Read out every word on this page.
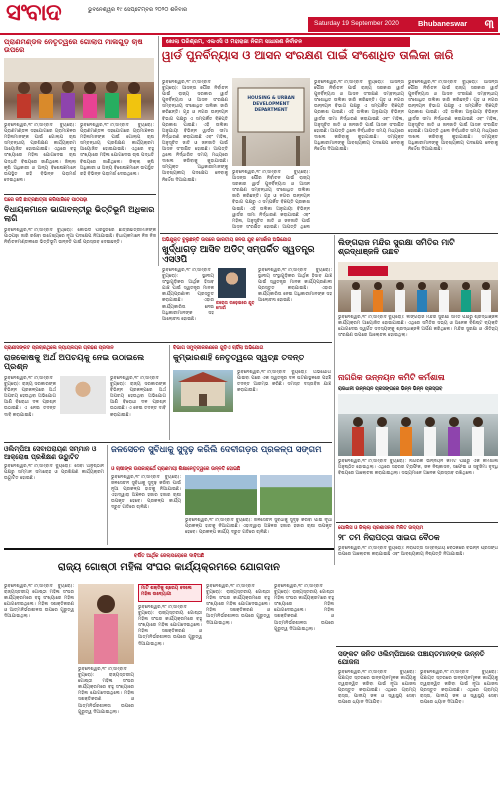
ସଂବାଦ	ଭୁବନେଶ୍ୱର ୧୯ ସେପ୍ଟେମ୍ବର ୨୦୨୦ ଶନିବାର
Saturday 19 September 2020	Bhubaneswar ୩
ପ୍ରାଣମଣ୍ଡଳ ନେତୃତ୍ୱରେ ଗୋଲାପ ମାଳାଗୁଡ଼ ଚାଷ ଉପରେ
ଭୁବନେଶ୍ୱର,୧୮।୯(ସମ୍ବାଦ ବ୍ୟୁରୋ): ପ୍ରାଣମଣ୍ଡଳ ସହଯୋଗରେ ଗ୍ରାମାଞ୍ଚଳର ମହିଳାମାନଙ୍କ ପାଇଁ ଗୋଲାପ ଚାଷ ସମ୍ବନ୍ଧୀୟ ପ୍ରଶିକ୍ଷଣ କାର୍ଯ୍ୟକ୍ରମ ଆୟୋଜିତ ହୋଇଯାଇଛି। ଏଥିରେ ବହୁ ସଂଖ୍ୟାରେ ମହିଳା ଯୋଗଦେଇ ଚାଷ ପଦ୍ଧତି ବିଷୟରେ ଜାଣିଥିଲେ। ଜିଲ୍ଲା କୃଷି ଅଧିକାରୀ ଓ ଅନ୍ୟ ବିଶେଷଜ୍ଞମାନେ ଉପସ୍ଥିତ ରହି ବିଭିନ୍ନ ପରାମର୍ଶ ଦେଇଥିଲେ।
ଭୁବନେଶ୍ୱର,୧୮।୯(ସମ୍ବାଦ ବ୍ୟୁରୋ): ପ୍ରାଣମଣ୍ଡଳ ସହଯୋଗରେ ଗ୍ରାମାଞ୍ଚଳର ମହିଳାମାନଙ୍କ ପାଇଁ ଗୋଲାପ ଚାଷ ସମ୍ବନ୍ଧୀୟ ପ୍ରଶିକ୍ଷଣ କାର୍ଯ୍ୟକ୍ରମ ଆୟୋଜିତ ହୋଇଯାଇଛି। ଏଥିରେ ବହୁ ସଂଖ୍ୟାରେ ମହିଳା ଯୋଗଦେଇ ଚାଷ ପଦ୍ଧତି ବିଷୟରେ ଜାଣିଥିଲେ। ଜିଲ୍ଲା କୃଷି ଅଧିକାରୀ ଓ ଅନ୍ୟ ବିଶେଷଜ୍ଞମାନେ ଉପସ୍ଥିତ ରହି ବିଭିନ୍ନ ପରାମର୍ଶ ଦେଇଥିଲେ।
ଖୋଲା ପରିଶ୍ରମ, ଏଲଏସି ଓ ମହାରାଜା ନିଗମ ସାଧାରଣ ନିର୍ବାଚନ
ୱାର୍ଡ ପୁନର୍ବିନ୍ୟାସ ଓ ଆସନ ସଂରକ୍ଷଣ ପାଇଁ ସଂଶୋଧିତ ତାଲିକା ଜାରି
ଭୁବନେଶ୍ୱର,୧୮।୯(ସମ୍ବାଦ ବ୍ୟୁରୋ): ଆସନ୍ତା ପୌର ନିର୍ବାଚନ ପାଇଁ ରାଜ୍ୟ ସରକାର ୱାର୍ଡ ପୁନର୍ବିନ୍ୟାସ ଓ ଆସନ ସଂରକ୍ଷଣ ସମ୍ବନ୍ଧୀୟ ସଂଶୋଧିତ ତାଲିକା ଜାରି କରିଛନ୍ତି। ଗୃହ ଓ ନଗର ଉନ୍ନୟନ ବିଭାଗ ପକ୍ଷରୁ ଏ ସମ୍ପର୍କିତ ବିଜ୍ଞପ୍ତି ପ୍ରକାଶ ପାଇଛି। ଏହି ତାଲିକା ଅନୁଯାୟୀ ବିଭିନ୍ନ ୱାର୍ଡର ସୀମା ନିର୍ଦ୍ଧାରଣ କରାଯାଇଛି ଏବଂ ମହିଳା, ଅନୁସୂଚିତ ଜାତି ଓ ଜନଜାତି ପାଇଁ ଆସନ ସଂରକ୍ଷିତ ହୋଇଛି। ଆପତ୍ତି ଥିଲେ ନିର୍ଦ୍ଧାରିତ ସମୟ ମଧ୍ୟରେ ଦାଖଲ କରିବାକୁ କୁହାଯାଇଛି। ସମ୍ପୃକ୍ତ ଅଧିକାରୀମାନଙ୍କୁ ଆବଶ୍ୟକୀୟ ପଦକ୍ଷେପ ନେବାକୁ ନିର୍ଦ୍ଦେଶ ଦିଆଯାଇଛି।
HOUSING & URBAN DEVELOPMENT DEPARTMENT
ଭୁବନେଶ୍ୱର,୧୮।୯(ସମ୍ବାଦ ବ୍ୟୁରୋ): ଆସନ୍ତା ପୌର ନିର୍ବାଚନ ପାଇଁ ରାଜ୍ୟ ସରକାର ୱାର୍ଡ ପୁନର୍ବିନ୍ୟାସ ଓ ଆସନ ସଂରକ୍ଷଣ ସମ୍ବନ୍ଧୀୟ ସଂଶୋଧିତ ତାଲିକା ଜାରି କରିଛନ୍ତି। ଗୃହ ଓ ନଗର ଉନ୍ନୟନ ବିଭାଗ ପକ୍ଷରୁ ଏ ସମ୍ପର୍କିତ ବିଜ୍ଞପ୍ତି ପ୍ରକାଶ ପାଇଛି। ଏହି ତାଲିକା ଅନୁଯାୟୀ ବିଭିନ୍ନ ୱାର୍ଡର ସୀମା ନିର୍ଦ୍ଧାରଣ କରାଯାଇଛି ଏବଂ ମହିଳା, ଅନୁସୂଚିତ ଜାତି ଓ ଜନଜାତି ପାଇଁ ଆସନ ସଂରକ୍ଷିତ ହୋଇଛି। ଆପତ୍ତି ଥିଲେ
ଭୁବନେଶ୍ୱର,୧୮।୯(ସମ୍ବାଦ ବ୍ୟୁରୋ): ଆସନ୍ତା ପୌର ନିର୍ବାଚନ ପାଇଁ ରାଜ୍ୟ ସରକାର ୱାର୍ଡ ପୁନର୍ବିନ୍ୟାସ ଓ ଆସନ ସଂରକ୍ଷଣ ସମ୍ବନ୍ଧୀୟ ସଂଶୋଧିତ ତାଲିକା ଜାରି କରିଛନ୍ତି। ଗୃହ ଓ ନଗର ଉନ୍ନୟନ ବିଭାଗ ପକ୍ଷରୁ ଏ ସମ୍ପର୍କିତ ବିଜ୍ଞପ୍ତି ପ୍ରକାଶ ପାଇଛି। ଏହି ତାଲିକା ଅନୁଯାୟୀ ବିଭିନ୍ନ ୱାର୍ଡର ସୀମା ନିର୍ଦ୍ଧାରଣ କରାଯାଇଛି ଏବଂ ମହିଳା, ଅନୁସୂଚିତ ଜାତି ଓ ଜନଜାତି ପାଇଁ ଆସନ ସଂରକ୍ଷିତ ହୋଇଛି। ଆପତ୍ତି ଥିଲେ ନିର୍ଦ୍ଧାରିତ ସମୟ ମଧ୍ୟରେ ଦାଖଲ କରିବାକୁ କୁହାଯାଇଛି। ସମ୍ପୃକ୍ତ ଅଧିକାରୀମାନଙ୍କୁ ଆବଶ୍ୟକୀୟ ପଦକ୍ଷେପ ନେବାକୁ ନିର୍ଦ୍ଦେଶ ଦିଆଯାଇଛି।
ଭୁବନେଶ୍ୱର,୧୮।୯(ସମ୍ବାଦ ବ୍ୟୁରୋ): ଆସନ୍ତା ପୌର ନିର୍ବାଚନ ପାଇଁ ରାଜ୍ୟ ସରକାର ୱାର୍ଡ ପୁନର୍ବିନ୍ୟାସ ଓ ଆସନ ସଂରକ୍ଷଣ ସମ୍ବନ୍ଧୀୟ ସଂଶୋଧିତ ତାଲିକା ଜାରି କରିଛନ୍ତି। ଗୃହ ଓ ନଗର ଉନ୍ନୟନ ବିଭାଗ ପକ୍ଷରୁ ଏ ସମ୍ପର୍କିତ ବିଜ୍ଞପ୍ତି ପ୍ରକାଶ ପାଇଛି। ଏହି ତାଲିକା ଅନୁଯାୟୀ ବିଭିନ୍ନ ୱାର୍ଡର ସୀମା ନିର୍ଦ୍ଧାରଣ କରାଯାଇଛି ଏବଂ ମହିଳା, ଅନୁସୂଚିତ ଜାତି ଓ ଜନଜାତି ପାଇଁ ଆସନ ସଂରକ୍ଷିତ ହୋଇଛି। ଆପତ୍ତି ଥିଲେ ନିର୍ଦ୍ଧାରିତ ସମୟ ମଧ୍ୟରେ ଦାଖଲ କରିବାକୁ କୁହାଯାଇଛି। ସମ୍ପୃକ୍ତ ଅଧିକାରୀମାନଙ୍କୁ ଆବଶ୍ୟକୀୟ ପଦକ୍ଷେପ ନେବାକୁ ନିର୍ଦ୍ଦେଶ ଦିଆଯାଇଛି।
ଘରେ ରହି ଛାତ୍ରଛାତ୍ରୀ କରିପାରିବେ ପାଠପଢ଼ା
ବିଧାୟକମାନେ ଭାଗାବନ୍ତୀରୁ ଭିତ୍ତିଭୂମି ଅଧିକାର ଲାଗି
ଭୁବନେଶ୍ୱର,୧୮।୯(ସମ୍ବାଦ ବ୍ୟୁରୋ): କୋଭିଡ ପରିସ୍ଥିତିରେ ଛାତ୍ରଛାତ୍ରୀମାନଙ୍କ ପାଠପଢ଼ା ଜାରି ରଖିବା ଉଦ୍ଦେଶ୍ୟରେ ନୂଆ ପଦକ୍ଷେପ ନିଆଯାଇଛି। ବିଧାୟକମାନେ ନିଜ ନିଜ ନିର୍ବାଚନମଣ୍ଡଳୀରେ ଭିତ୍ତିଭୂମି ଉନ୍ନତି ପାଇଁ ପ୍ରସ୍ତାବ ଦେଇଛନ୍ତି।	ଅଭିଯୁକ୍ତ ବୁଲୁଛନ୍ତି ଉପରେ ଭାରତୀୟ ଜନତା ଯୁବ ମୋର୍ଚ୍ଚାର ଅଭିଯୋଗ
ଖୁର୍ଦ୍ଧାଗଡ଼ ଆସିବ ଅଡିଟ୍ ସମ୍ପର୍କିତ ସ୍ୱତନ୍ତ୍ର ଏସଓପି
ଭୁବନେଶ୍ୱର,୧୮।୯(ସମ୍ବାଦ ବ୍ୟୁରୋ): ସ୍ଥାନୀୟ ସଂସ୍ଥାଗୁଡ଼ିକର ଆର୍ଥିକ ହିସାବ ଯାଞ୍ଚ ପାଇଁ ସ୍ୱତନ୍ତ୍ର ମାନକ କାର୍ଯ୍ୟପ୍ରଣାଳୀ ପ୍ରସ୍ତୁତ କରାଯାଇଛି। ଏହାର କାର୍ଯ୍ୟକାରିତା ନେଇ ଅଧିକାରୀମାନଙ୍କ ସହ ଆଲୋଚନା ହୋଇଛି।
କରୋନା ଲଢ଼େଇରେ ଯୁବ ମୋର୍ଚ୍ଚା
ଭୁବନେଶ୍ୱର,୧୮।୯(ସମ୍ବାଦ ବ୍ୟୁରୋ): ସ୍ଥାନୀୟ ସଂସ୍ଥାଗୁଡ଼ିକର ଆର୍ଥିକ ହିସାବ ଯାଞ୍ଚ ପାଇଁ ସ୍ୱତନ୍ତ୍ର ମାନକ କାର୍ଯ୍ୟପ୍ରଣାଳୀ ପ୍ରସ୍ତୁତ କରାଯାଇଛି। ଏହାର କାର୍ଯ୍ୟକାରିତା ନେଇ ଅଧିକାରୀମାନଙ୍କ ସହ ଆଲୋଚନା ହୋଇଛି।
ଲିଙ୍ଗରାଜ ମନ୍ଦିର ସୁରକ୍ଷା ସମିତିର ମାଟି ଶ୍ରଦ୍ଧାଞ୍ଜଳି ଉଛବ
ଭୁବନେଶ୍ୱର,୧୮।୯(ସମ୍ବାଦ ବ୍ୟୁରୋ): ଲିଙ୍ଗରାଜ ମନ୍ଦିର ସୁରକ୍ଷା ସମିତି ପକ୍ଷରୁ ଶ୍ରଦ୍ଧାଞ୍ଜଳି କାର୍ଯ୍ୟକ୍ରମ ଆୟୋଜିତ ହୋଇଯାଇଛି। ଏଥିରେ ସମିତିର ସଭ୍ୟ ଓ ଅନେକ ବିଶିଷ୍ଟ ବ୍ୟକ୍ତି ଯୋଗଦେଇ ସ୍ୱର୍ଗତ ସଦସ୍ୟଙ୍କୁ ଶ୍ରଦ୍ଧାଞ୍ଜଳି ଅର୍ପଣ କରିଥିଲେ। ମନ୍ଦିର ସୁରକ୍ଷା ଓ ଐତିହ୍ୟ ସଂରକ୍ଷଣ ଉପରେ ଆଲୋଚନା ହୋଇଥିଲା।
ନାଗରିକ ଉନ୍ନୟନ କମିଟି କର୍ମଶାଳା
ରାଜଧାନୀ ଉନ୍ନୟନ ପ୍ରସଙ୍ଗରେ ଭିନ୍ନ ଭିନ୍ନ ପ୍ରସ୍ତାବ
ଭୁବନେଶ୍ୱର,୧୮।୯(ସମ୍ବାଦ ବ୍ୟୁରୋ): ନାଗରିକ ଉନ୍ନୟନ କମିଟି ପକ୍ଷରୁ ଏକ କର୍ମଶାଳା ଅନୁଷ୍ଠିତ ହୋଇଥିଲା। ଏଥିରେ ସହରର ଟ୍ରାଫିକ, ଜଳ ନିଷ୍କାସନ, ସଫେଇ ଓ ସବୁଜିମା ବୃଦ୍ଧି ବିଷୟରେ ଆଲୋଚନା କରାଯାଇଥିଲା। ସଭ୍ୟମାନେ ଅନେକ ପ୍ରସ୍ତାବ ରଖିଥିଲେ।
ପ୍ରାଣୀସଙ୍କଟ ପ୍ରଚାରଥିଲେ ନ୍ୟାୟଳୟର ଗ୍ରହଣ ପ୍ରଦାନ
ରାଜକୋଷକୁ ଅର୍ଥ ଅପଚୟକୁ ନେଇ ଉଠାଇଲେ ପ୍ରଶ୍ନ
ଭୁବନେଶ୍ୱର,୧୮।୯(ସମ୍ବାଦ ବ୍ୟୁରୋ): ରାଜ୍ୟ ସରକାରଙ୍କ ବିଭିନ୍ନ ପ୍ରକଳ୍ପରେ ଅର୍ଥ ଅପଚୟ ହେଉଥିବା ଅଭିଯୋଗ ଆଣି ବିରୋଧୀ ଦଳ ପ୍ରଶ୍ନ ଉଠାଇଛି। ଏ ନେଇ ତଦନ୍ତ ଦାବି କରାଯାଇଛି।
ଭୁବନେଶ୍ୱର,୧୮।୯(ସମ୍ବାଦ ବ୍ୟୁରୋ): ରାଜ୍ୟ ସରକାରଙ୍କ ବିଭିନ୍ନ ପ୍ରକଳ୍ପରେ ଅର୍ଥ ଅପଚୟ ହେଉଥିବା ଅଭିଯୋଗ ଆଣି ବିରୋଧୀ ଦଳ ପ୍ରଶ୍ନ ଉଠାଇଛି। ଏ ନେଇ ତଦନ୍ତ ଦାବି କରାଯାଇଛି।
ବିଭାଗ ସମୁଦ୍ରୀକରଣରେ ଗୁଡ଼ିଏ ଚାହିଁଲା ଅଭିଯୋଗ
କୁମ୍ଭାରଶାହି ନେତୃତ୍ୱରେ ସ୍ୱଚ୍ଛ ତଦନ୍ତ
ଭୁବନେଶ୍ୱର,୧୮।୯(ସମ୍ବାଦ ବ୍ୟୁରୋ): ଅଭିଯୋଗ ପାଇବା ପରେ ଏକ ସ୍ୱତନ୍ତ୍ର ଦଳ ଘଟଣାସ୍ଥଳରେ ପହଞ୍ଚି ତଦନ୍ତ ଆରମ୍ଭ କରିଛି। ସମସ୍ତ ଦସ୍ତାବିଜ ଯାଞ୍ଚ କରାଯାଉଛି।
ଓଲିମ୍ପିଆ ସେବାପରାୟଣ ସମ୍ମାନ ଓ ଆକ୍ରୋଷ ପ୍ରଶିକ୍ଷଣ ଉଦ୍ଘାଟିତ
ଭୁବନେଶ୍ୱର,୧୮।୯(ସମ୍ବାଦ ବ୍ୟୁରୋ): ସେବା ଅନୁଷ୍ଠାନ ପକ୍ଷରୁ ସମ୍ମାନ ସମାରୋହ ଓ ପ୍ରଶିକ୍ଷଣ କାର୍ଯ୍ୟକ୍ରମ ଉଦ୍ଘାଟିତ ହୋଇଛି।
ଜଳସେଚନ ସୁବିଧାକୁ ସୁଦୃଢ଼ କରିଲି ଦେବୀଗଡ଼ର ପ୍ରକଳ୍ପ ସଙ୍ଗମ
ଓ ଚାଷୀଙ୍କ ଉପକାରାର୍ଥେ ପ୍ରାଣମୟୀ ଶିକ୍ଷାନେତୃତ୍ୱରେ ଉନ୍ନତି ହୋଇଛି
ଭୁବନେଶ୍ୱର,୧୮।୯(ସମ୍ବାଦ ବ୍ୟୁରୋ): ଜଳସେଚନ ସୁବିଧାକୁ ସୁଦୃଢ଼ କରିବା ପାଇଁ ନୂଆ ପ୍ରକଳ୍ପ ହାତକୁ ନିଆଯାଇଛି। ଏହାଦ୍ୱାରା ଅଞ୍ଚଳର ହଜାର ହଜାର ଚାଷୀ ଉପକୃତ ହେବେ। ପ୍ରକଳ୍ପ କାର୍ଯ୍ୟ ଦ୍ରୁତ ଗତିରେ ଚାଲିଛି।
ଭୁବନେଶ୍ୱର,୧୮।୯(ସମ୍ବାଦ ବ୍ୟୁରୋ): ଜଳସେଚନ ସୁବିଧାକୁ ସୁଦୃଢ଼ କରିବା ପାଇଁ ନୂଆ ପ୍ରକଳ୍ପ ହାତକୁ ନିଆଯାଇଛି। ଏହାଦ୍ୱାରା ଅଞ୍ଚଳର ହଜାର ହଜାର ଚାଷୀ ଉପକୃତ ହେବେ। ପ୍ରକଳ୍ପ କାର୍ଯ୍ୟ ଦ୍ରୁତ ଗତିରେ ଚାଲିଛି।
ପୋଲିସ ଓ ଜିଲ୍ଲା ପ୍ରଶାସନର ମିଳିତ ଉଦ୍ୟମ
୨୮ ତମ ନିରାପତ୍ତା ସାଇତା ବୈଠକ
ଭୁବନେଶ୍ୱର,୧୮।୯(ସମ୍ବାଦ ବ୍ୟୁରୋ): ନିରାପତ୍ତା ସମ୍ବନ୍ଧୀୟ ବୈଠକରେ ବିଭିନ୍ନ ପ୍ରସଙ୍ଗ ଉପରେ ଆଲୋଚନା କରାଯାଇଛି ଏବଂ ଆବଶ୍ୟକୀୟ ନିଷ୍ପତ୍ତି ନିଆଯାଇଛି।
ବର୍ଷିତ ଆର୍ଥିକ ଜେଲାପରୋରେ ଦାବିଅଛି
ରାଜ୍ୟ ଗୋଷ୍ଠୀ ମହିଳା ସଂଘର କାର୍ଯ୍ୟକ୍ରମରେ ଯୋଗଦାନ
ଭୁବନେଶ୍ୱର,୧୮।୯(ସମ୍ବାଦ ବ୍ୟୁରୋ): ରାଜ୍ୟସ୍ତରୀୟ ଗୋଷ୍ଠୀ ମହିଳା ସଂଘର କାର୍ଯ୍ୟକ୍ରମରେ ବହୁ ସଂଖ୍ୟାରେ ମହିଳା ଯୋଗଦେଇଥିଲେ। ମହିଳା ସଶକ୍ତିକରଣ ଓ ଆତ୍ମନିର୍ଭରଶୀଳତା ଉପରେ ଗୁରୁତ୍ୱ ଦିଆଯାଇଥିଲା।
ଭୁବନେଶ୍ୱର,୧୮।୯(ସମ୍ବାଦ ବ୍ୟୁରୋ): ରାଜ୍ୟସ୍ତରୀୟ ଗୋଷ୍ଠୀ ମହିଳା ସଂଘର କାର୍ଯ୍ୟକ୍ରମରେ ବହୁ ସଂଖ୍ୟାରେ ମହିଳା ଯୋଗଦେଇଥିଲେ। ମହିଳା ସଶକ୍ତିକରଣ ଓ ଆତ୍ମନିର୍ଭରଶୀଳତା ଉପରେ ଗୁରୁତ୍ୱ ଦିଆଯାଇଥିଲା।
ମାଟି ଶକ୍ତିକୁ ଶ୍ରେୟ ଦେଲେ ମହିଳା ଉଦ୍ୟୋଗୀ
ଭୁବନେଶ୍ୱର,୧୮।୯(ସମ୍ବାଦ ବ୍ୟୁରୋ): ରାଜ୍ୟସ୍ତରୀୟ ଗୋଷ୍ଠୀ ମହିଳା ସଂଘର କାର୍ଯ୍ୟକ୍ରମରେ ବହୁ ସଂଖ୍ୟାରେ ମହିଳା ଯୋଗଦେଇଥିଲେ। ମହିଳା ସଶକ୍ତିକରଣ ଓ ଆତ୍ମନିର୍ଭରଶୀଳତା ଉପରେ ଗୁରୁତ୍ୱ ଦିଆଯାଇଥିଲା।
ଭୁବନେଶ୍ୱର,୧୮।୯(ସମ୍ବାଦ ବ୍ୟୁରୋ): ରାଜ୍ୟସ୍ତରୀୟ ଗୋଷ୍ଠୀ ମହିଳା ସଂଘର କାର୍ଯ୍ୟକ୍ରମରେ ବହୁ ସଂଖ୍ୟାରେ ମହିଳା ଯୋଗଦେଇଥିଲେ। ମହିଳା ସଶକ୍ତିକରଣ ଓ ଆତ୍ମନିର୍ଭରଶୀଳତା ଉପରେ ଗୁରୁତ୍ୱ ଦିଆଯାଇଥିଲା।
ଭୁବନେଶ୍ୱର,୧୮।୯(ସମ୍ବାଦ ବ୍ୟୁରୋ): ରାଜ୍ୟସ୍ତରୀୟ ଗୋଷ୍ଠୀ ମହିଳା ସଂଘର କାର୍ଯ୍ୟକ୍ରମରେ ବହୁ ସଂଖ୍ୟାରେ ମହିଳା ଯୋଗଦେଇଥିଲେ। ମହିଳା ସଶକ୍ତିକରଣ ଓ ଆତ୍ମନିର୍ଭରଶୀଳତା ଉପରେ ଗୁରୁତ୍ୱ ଦିଆଯାଇଥିଲା।
ସଙ୍କଟ ଜନିତ ଓଲିମ୍ପିଆରେ ପଞ୍ଚାୟତମାନଙ୍କ ଉନ୍ନତି ଯୋଜନା
ଭୁବନେଶ୍ୱର,୧୮।୯(ସମ୍ବାଦ ବ୍ୟୁରୋ): ପଞ୍ଚାୟତ ସ୍ତରରେ ଉନ୍ନୟନମୂଳକ କାର୍ଯ୍ୟକୁ ତ୍ୱରାନ୍ୱିତ କରିବା ପାଇଁ ନୂଆ ଯୋଜନା ପ୍ରସ୍ତୁତ କରାଯାଇଛି। ଏଥିରେ ଗ୍ରାମ୍ୟ ରାସ୍ତା, ପାନୀୟ ଜଳ ଓ ସ୍ୱାସ୍ଥ୍ୟ ସେବା ଉପରେ ଧ୍ୟାନ ଦିଆଯିବ।
ଭୁବନେଶ୍ୱର,୧୮।୯(ସମ୍ବାଦ ବ୍ୟୁରୋ): ପଞ୍ଚାୟତ ସ୍ତରରେ ଉନ୍ନୟନମୂଳକ କାର୍ଯ୍ୟକୁ ତ୍ୱରାନ୍ୱିତ କରିବା ପାଇଁ ନୂଆ ଯୋଜନା ପ୍ରସ୍ତୁତ କରାଯାଇଛି। ଏଥିରେ ଗ୍ରାମ୍ୟ ରାସ୍ତା, ପାନୀୟ ଜଳ ଓ ସ୍ୱାସ୍ଥ୍ୟ ସେବା ଉପରେ ଧ୍ୟାନ ଦିଆଯିବ।
